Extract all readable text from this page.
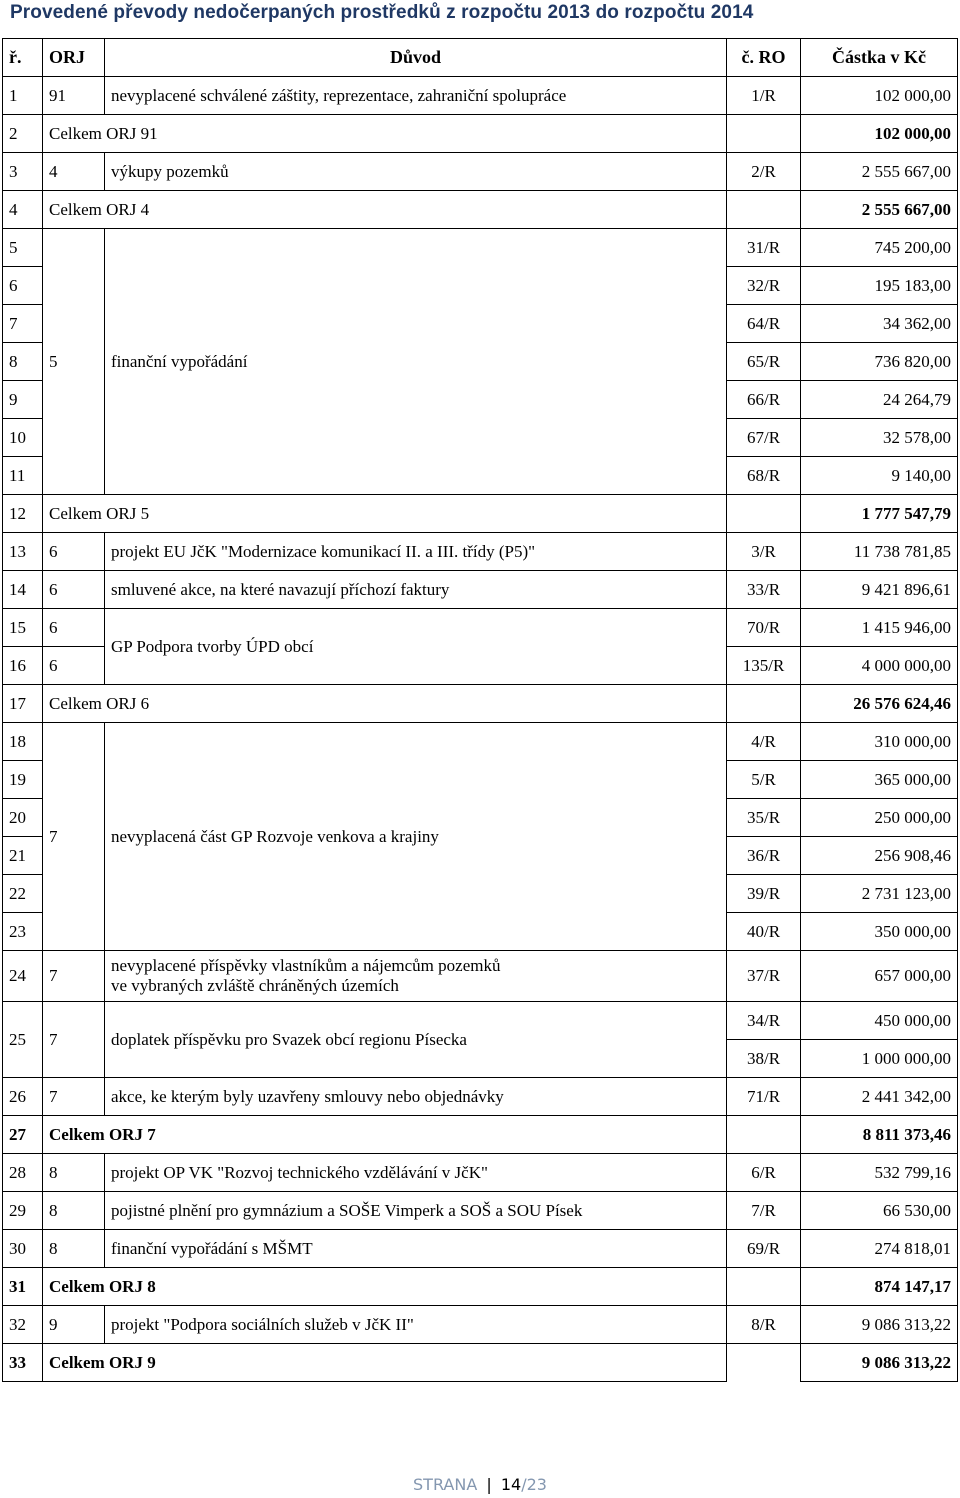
Provedené převody nedočerpaných prostředků z rozpočtu 2013 do rozpočtu 2014
ř.	ORJ	Důvod	č. RO	Částka v Kč
1	91	nevyplacené schválené záštity, reprezentace, zahraniční spolupráce	1/R	102 000,00
2	Celkem ORJ 91			102 000,00
3	4	výkupy pozemků	2/R	2 555 667,00
4	Celkem ORJ 4			2 555 667,00
5	5	finanční vypořádání	31/R	745 200,00
6			32/R	195 183,00
7			64/R	34 362,00
8			65/R	736 820,00
9			66/R	24 264,79
10			67/R	32 578,00
11			68/R	9 140,00
12	Celkem ORJ 5			1 777 547,79
13	6	projekt EU JčK "Modernizace komunikací II. a III. třídy (P5)"	3/R	11 738 781,85
14	6	smluvené akce, na které navazují příchozí faktury	33/R	9 421 896,61
15	6	GP Podpora tvorby ÚPD obcí	70/R	1 415 946,00
16	6		135/R	4 000 000,00
17	Celkem ORJ 6			26 576 624,46
18	7	nevyplacená část GP Rozvoje venkova a krajiny	4/R	310 000,00
19			5/R	365 000,00
20			35/R	250 000,00
21			36/R	256 908,46
22			39/R	2 731 123,00
23			40/R	350 000,00
24	7	nevyplacené příspěvky vlastníkům a nájemcům pozemků
ve vybraných zvláště chráněných územích	37/R	657 000,00
25	7	doplatek příspěvku pro Svazek obcí regionu Písecka	34/R	450 000,00
			38/R	1 000 000,00
26	7	akce, ke kterým byly uzavřeny smlouvy nebo objednávky	71/R	2 441 342,00
27	Celkem ORJ 7			8 811 373,46
28	8	projekt OP VK "Rozvoj technického vzdělávání v JčK"	6/R	532 799,16
29	8	pojistné plnění pro gymnázium a SOŠE Vimperk a SOŠ a SOU Písek	7/R	66 530,00
30	8	finanční vypořádání s MŠMT	69/R	274 818,01
31	Celkem ORJ 8			874 147,17
32	9	projekt "Podpora sociálních služeb v JčK II"	8/R	9 086 313,22
33	Celkem ORJ 9			9 086 313,22
STRANA | 14/23
